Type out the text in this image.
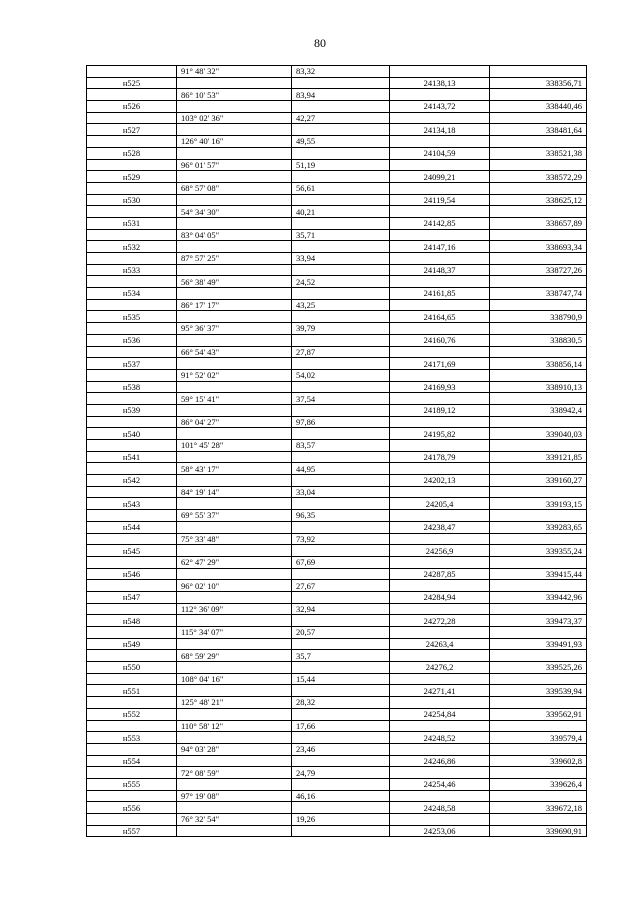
80
	91° 48' 32"	83,32		
н525			24138,13	338356,71
	86° 10' 53"	83,94		
н526			24143,72	338440,46
	103° 02' 36"	42,27		
н527			24134,18	338481,64
	126° 40' 16"	49,55		
н528			24104,59	338521,38
	96° 01' 57"	51,19		
н529			24099,21	338572,29
	68° 57' 08"	56,61		
н530			24119,54	338625,12
	54° 34' 30"	40,21		
н531			24142,85	338657,89
	83° 04' 05"	35,71		
н532			24147,16	338693,34
	87° 57' 25"	33,94		
н533			24148,37	338727,26
	56° 38' 49"	24,52		
н534			24161,85	338747,74
	86° 17' 17"	43,25		
н535			24164,65	338790,9
	95° 36' 37"	39,79		
н536			24160,76	338830,5
	66° 54' 43"	27,87		
н537			24171,69	338856,14
	91° 52' 02"	54,02		
н538			24169,93	338910,13
	59° 15' 41"	37,54		
н539			24189,12	338942,4
	86° 04' 27"	97,86		
н540			24195,82	339040,03
	101° 45' 28"	83,57		
н541			24178,79	339121,85
	58° 43' 17"	44,95		
н542			24202,13	339160,27
	84° 19' 14"	33,04		
н543			24205,4	339193,15
	69° 55' 37"	96,35		
н544			24238,47	339283,65
	75° 33' 48"	73,92		
н545			24256,9	339355,24
	62° 47' 29"	67,69		
н546			24287,85	339415,44
	96° 02' 10"	27,67		
н547			24284,94	339442,96
	112° 36' 09"	32,94		
н548			24272,28	339473,37
	115° 34' 07"	20,57		
н549			24263,4	339491,93
	68° 59' 29"	35,7		
н550			24276,2	339525,26
	108° 04' 16"	15,44		
н551			24271,41	339539,94
	125° 48' 21"	28,32		
н552			24254,84	339562,91
	110° 58' 12"	17,66		
н553			24248,52	339579,4
	94° 03' 28"	23,46		
н554			24246,86	339602,8
	72° 08' 59"	24,79		
н555			24254,46	339626,4
	97° 19' 08"	46,16		
н556			24248,58	339672,18
	76° 32' 54"	19,26		
н557			24253,06	339690,91
